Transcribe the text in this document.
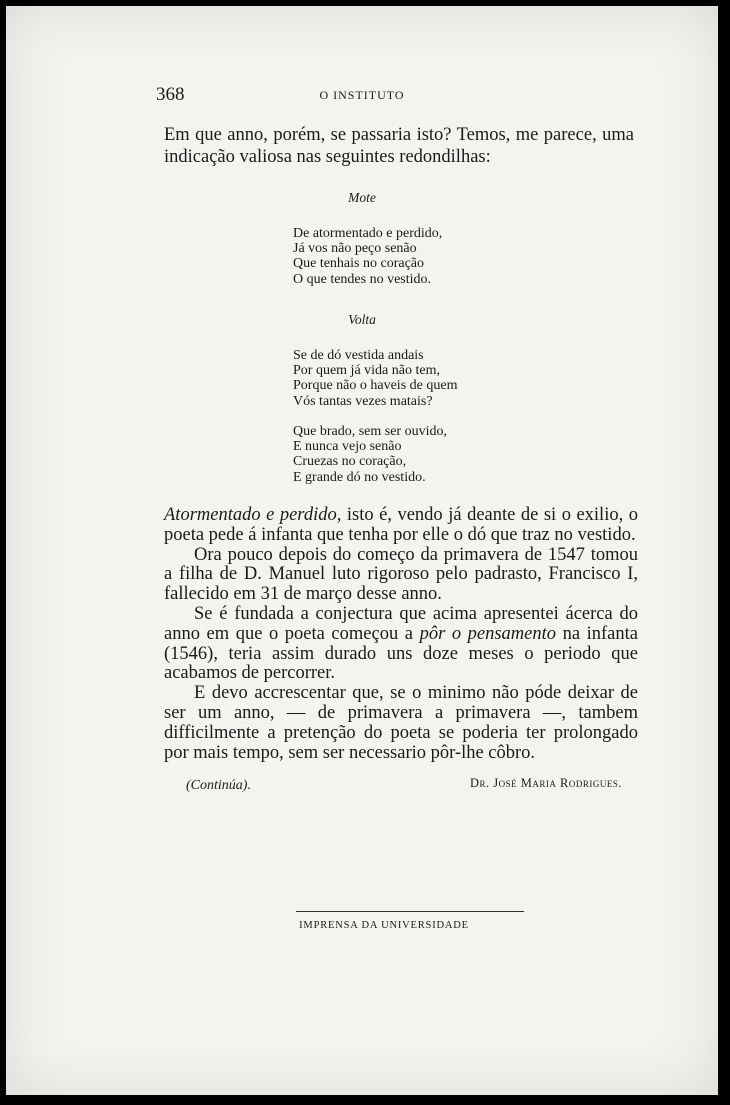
368	O INSTITUTO
Em que anno, porém, se passaria isto? Temos, me parece, uma indicação valiosa nas seguintes redondilhas:
Mote
De atormentado e perdido,
Já vos não peço senão
Que tenhais no coração
O que tendes no vestido.
Volta
Se de dó vestida andais
Por quem já vida não tem,
Porque não o haveis de quem
Vós tantas vezes matais?
Que brado, sem ser ouvido,
E nunca vejo senão
Cruezas no coração,
E grande dó no vestido.

Atormentado e perdido, isto é, vendo já deante de si o exilio, o poeta pede á infanta que tenha por elle o dó que traz no vestido.

Ora pouco depois do começo da primavera de 1547 tomou a filha de D. Manuel luto rigoroso pelo padrasto, Francisco I, fallecido em 31 de março desse anno.

Se é fundada a conjectura que acima apresentei ácerca do anno em que o poeta começou a pôr o pensamento na infanta (1546), teria assim durado uns doze meses o periodo que acabamos de percorrer.

E devo accrescentar que, se o minimo não póde deixar de ser um anno, — de primavera a primavera —, tambem difficilmente a pretenção do poeta se poderia ter prolongado por mais tempo, sem ser necessario pôr-lhe côbro.

(Continúa).	Dr. José Maria Rodrigues.
IMPRENSA DA UNIVERSIDADE
